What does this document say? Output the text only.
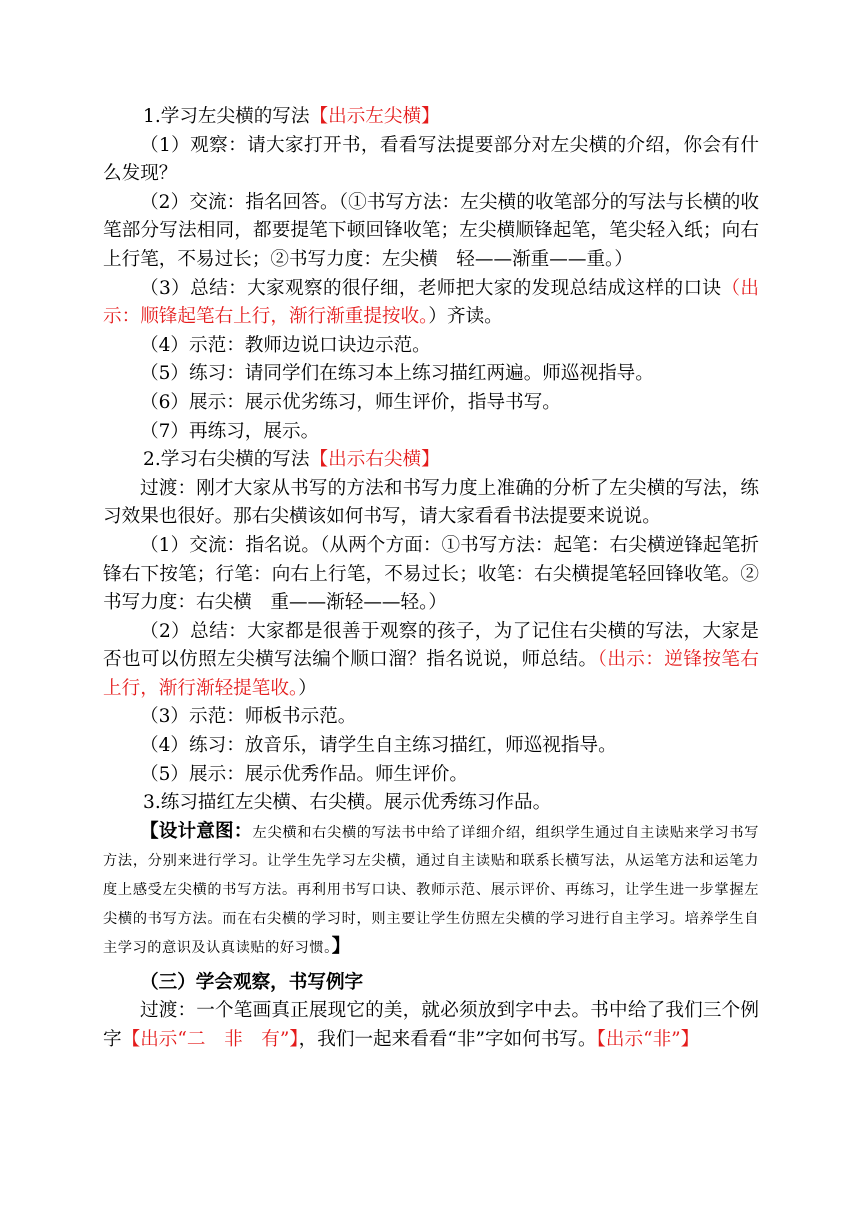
1.学习左尖横的写法【出示左尖横】

（1）观察：请大家打开书，看看写法提要部分对左尖横的介绍，你会有什么发现？

（2）交流：指名回答。（①书写方法：左尖横的收笔部分的写法与长横的收笔部分写法相同，都要提笔下顿回锋收笔；左尖横顺锋起笔，笔尖轻入纸；向右上行笔，不易过长；②书写力度：左尖横　轻——渐重——重。）

（3）总结：大家观察的很仔细，老师把大家的发现总结成这样的口诀（出示：顺锋起笔右上行，渐行渐重提按收。）齐读。

（4）示范：教师边说口诀边示范。

（5）练习：请同学们在练习本上练习描红两遍。师巡视指导。

（6）展示：展示优劣练习，师生评价，指导书写。

（7）再练习，展示。

2.学习右尖横的写法【出示右尖横】

过渡：刚才大家从书写的方法和书写力度上准确的分析了左尖横的写法，练习效果也很好。那右尖横该如何书写，请大家看看书法提要来说说。

（1）交流：指名说。（从两个方面：①书写方法：起笔：右尖横逆锋起笔折锋右下按笔；行笔：向右上行笔，不易过长；收笔：右尖横提笔轻回锋收笔。②书写力度：右尖横　重——渐轻——轻。）

（2）总结：大家都是很善于观察的孩子，为了记住右尖横的写法，大家是否也可以仿照左尖横写法编个顺口溜？指名说说，师总结。（出示：逆锋按笔右上行，渐行渐轻提笔收。）

（3）示范：师板书示范。

（4）练习：放音乐，请学生自主练习描红，师巡视指导。

（5）展示：展示优秀作品。师生评价。

3.练习描红左尖横、右尖横。展示优秀练习作品。

【设计意图：左尖横和右尖横的写法书中给了详细介绍，组织学生通过自主读贴来学习书写方法，分别来进行学习。让学生先学习左尖横，通过自主读贴和联系长横写法，从运笔方法和运笔力度上感受左尖横的书写方法。再利用书写口诀、教师示范、展示评价、再练习，让学生进一步掌握左尖横的书写方法。而在右尖横的学习时，则主要让学生仿照左尖横的学习进行自主学习。培养学生自主学习的意识及认真读贴的好习惯。】

（三）学会观察，书写例字

过渡：一个笔画真正展现它的美，就必须放到字中去。书中给了我们三个例字【出示“二　非　有”】，我们一起来看看“非”字如何书写。【出示“非”】
